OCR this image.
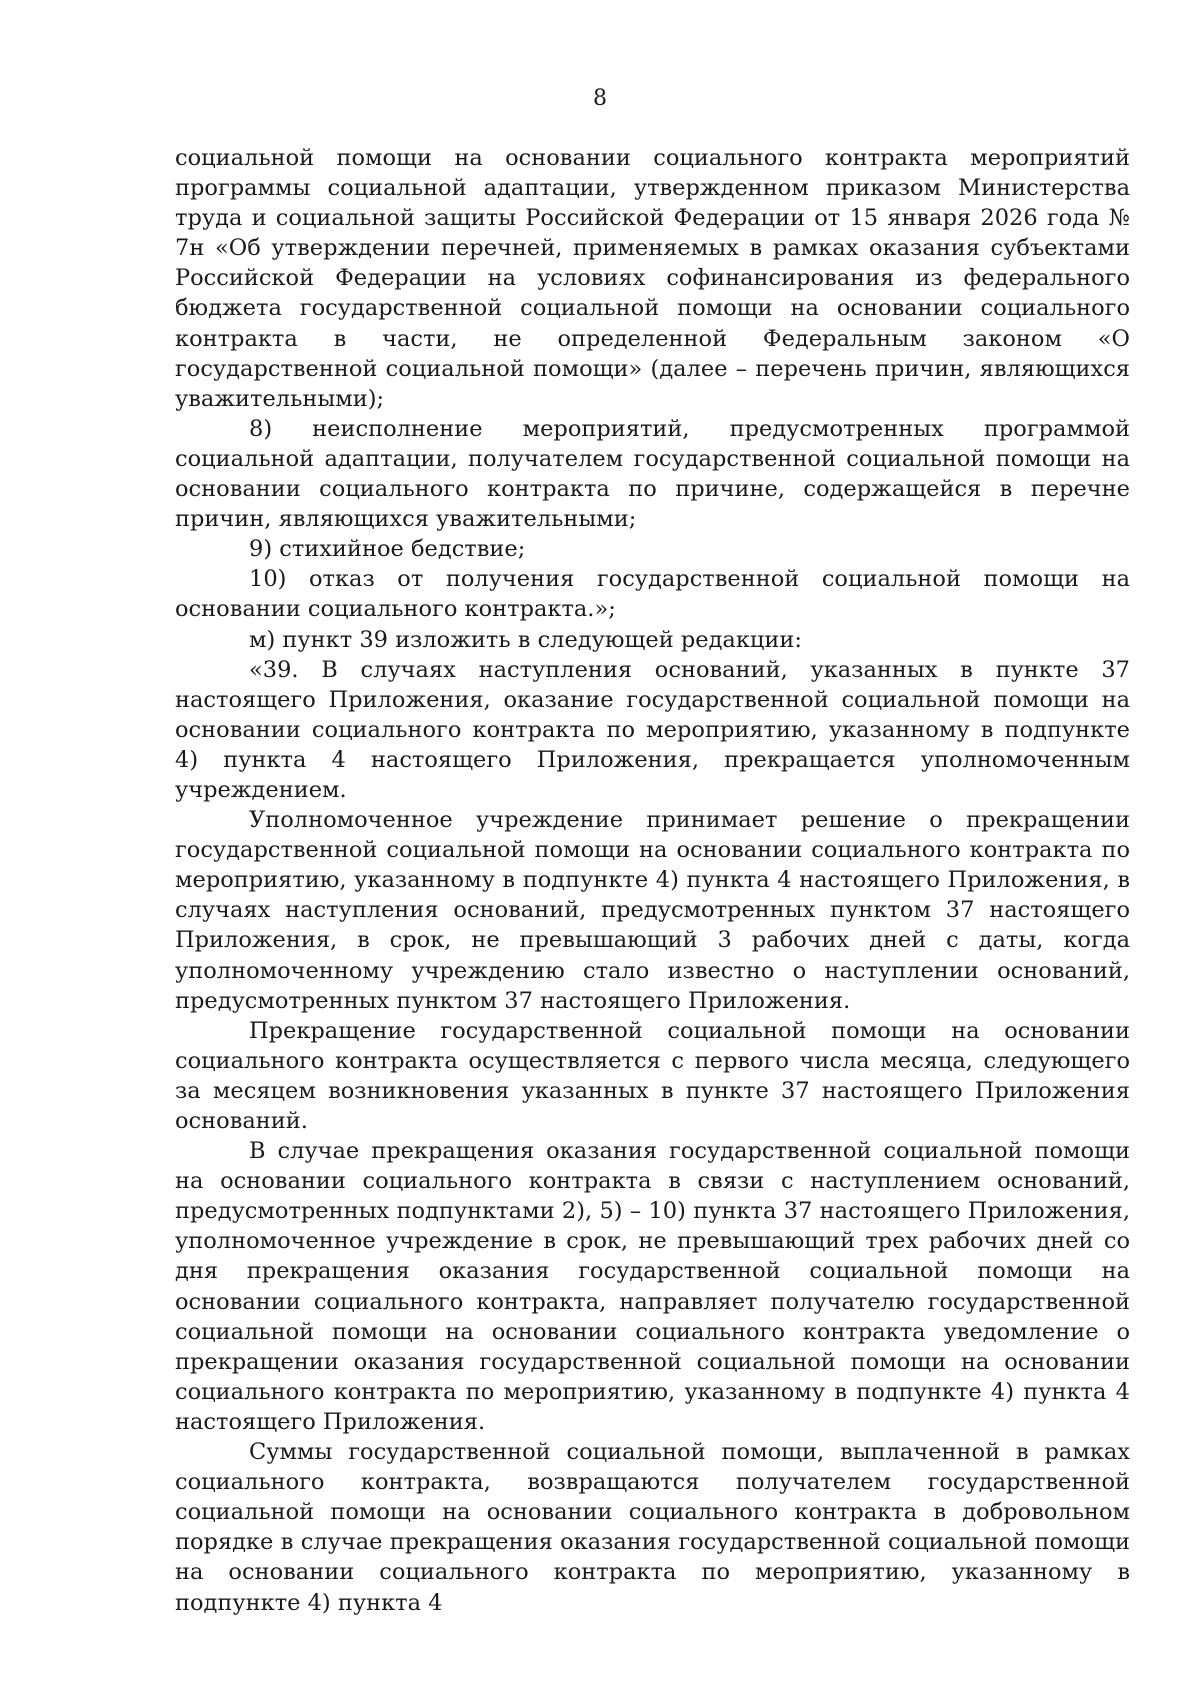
8

социальной помощи на основании социального контракта мероприятий программы социальной адаптации, утвержденном приказом Министерства труда и социальной защиты Российской Федерации от 15 января 2026 года № 7н «Об утверждении перечней, применяемых в рамках оказания субъектами Российской Федерации на условиях софинансирования из федерального бюджета государственной социальной помощи на основании социального контракта в части, не определенной Федеральным законом «О государственной социальной помощи» (далее – перечень причин, являющихся уважительными);

8) неисполнение мероприятий, предусмотренных программой социальной адаптации, получателем государственной социальной помощи на основании социального контракта по причине, содержащейся в перечне причин, являющихся уважительными;

9) стихийное бедствие;

10) отказ от получения государственной социальной помощи на основании социального контракта.»;

м) пункт 39 изложить в следующей редакции:

«39. В случаях наступления оснований, указанных в пункте 37 настоящего Приложения, оказание государственной социальной помощи на основании социального контракта по мероприятию, указанному в подпункте 4) пункта 4 настоящего Приложения, прекращается уполномоченным учреждением.

Уполномоченное учреждение принимает решение о прекращении государственной социальной помощи на основании социального контракта по мероприятию, указанному в подпункте 4) пункта 4 настоящего Приложения, в случаях наступления оснований, предусмотренных пунктом 37 настоящего Приложения, в срок, не превышающий 3 рабочих дней с даты, когда уполномоченному учреждению стало известно о наступлении оснований, предусмотренных пунктом 37 настоящего Приложения.

Прекращение государственной социальной помощи на основании социального контракта осуществляется с первого числа месяца, следующего за месяцем возникновения указанных в пункте 37 настоящего Приложения оснований.

В случае прекращения оказания государственной социальной помощи на основании социального контракта в связи с наступлением оснований, предусмотренных подпунктами 2), 5) – 10) пункта 37 настоящего Приложения, уполномоченное учреждение в срок, не превышающий трех рабочих дней со дня прекращения оказания государственной социальной помощи на основании социального контракта, направляет получателю государственной социальной помощи на основании социального контракта уведомление о прекращении оказания государственной социальной помощи на основании социального контракта по мероприятию, указанному в подпункте 4) пункта 4 настоящего Приложения.

Суммы государственной социальной помощи, выплаченной в рамках социального контракта, возвращаются получателем государственной социальной помощи на основании социального контракта в добровольном порядке в случае прекращения оказания государственной социальной помощи на основании социального контракта по мероприятию, указанному в подпункте 4) пункта 4
